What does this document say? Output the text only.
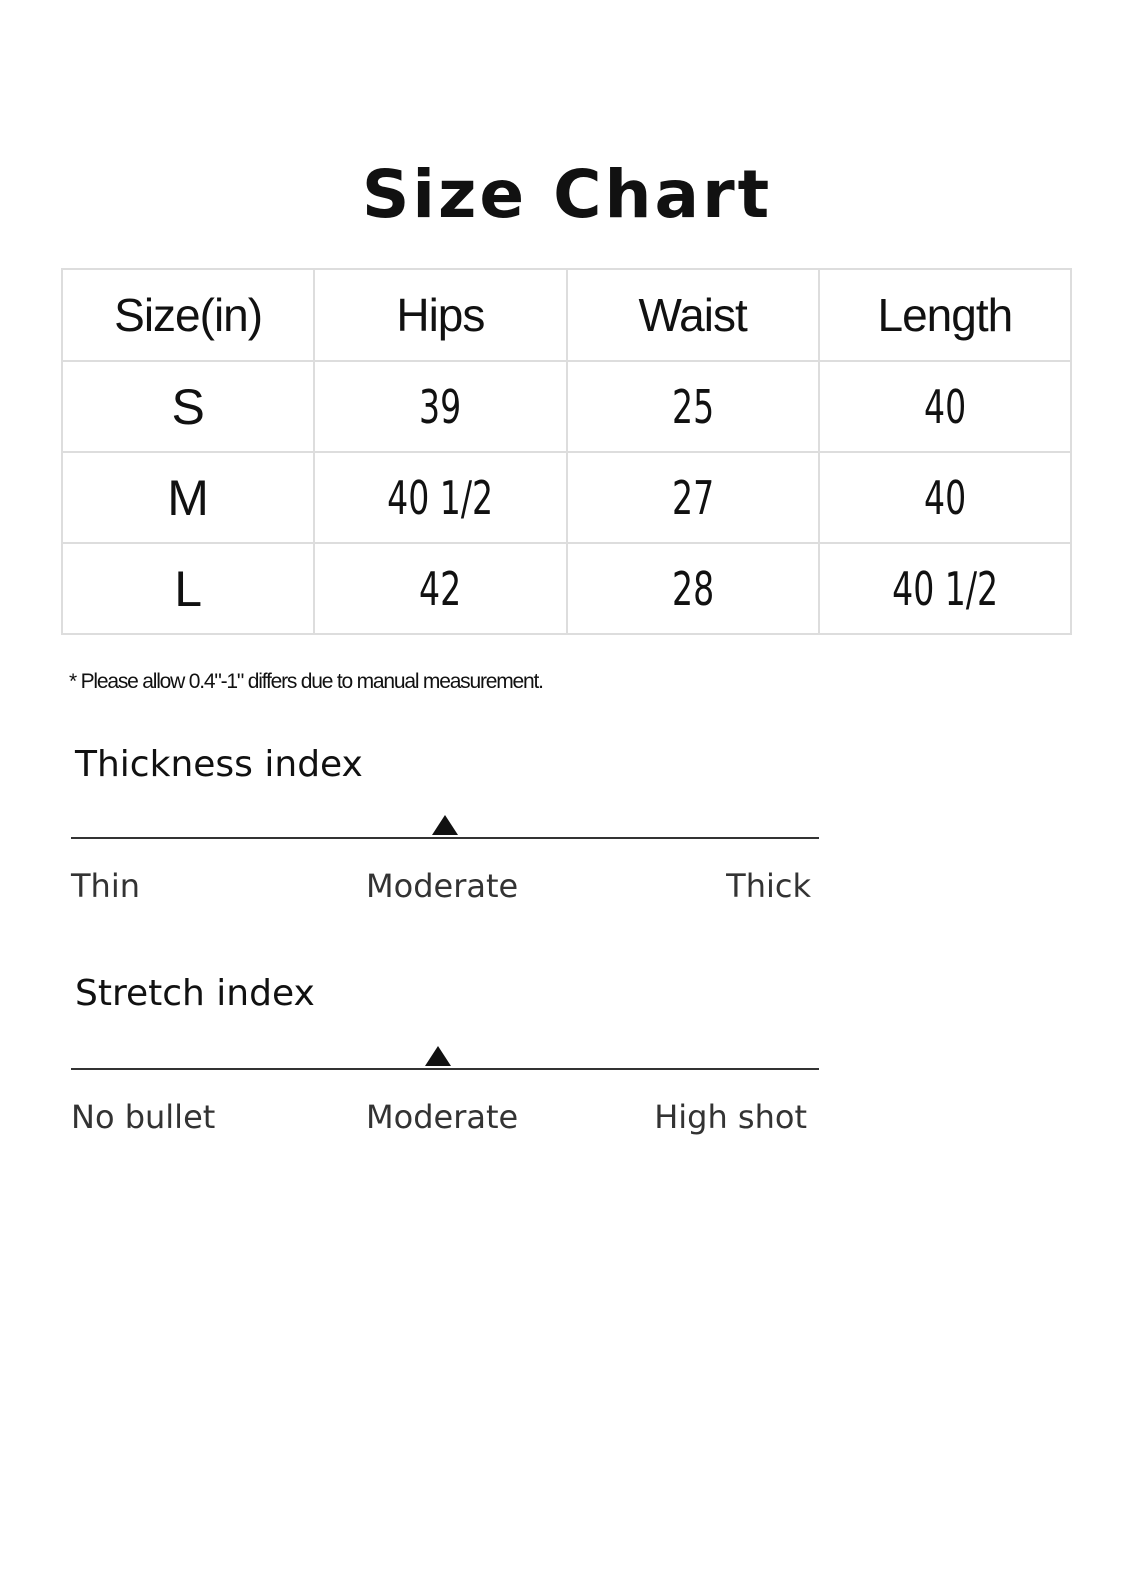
Size Chart
Size(in)	Hips	Waist	Length
S	39	25	40
M	40 1/2	27	40
L	42	28	40 1/2
* Please allow 0.4"-1" differs due to manual measurement.
Thickness index
Thin	Moderate	Thick
Stretch index
No bullet	Moderate	High shot
